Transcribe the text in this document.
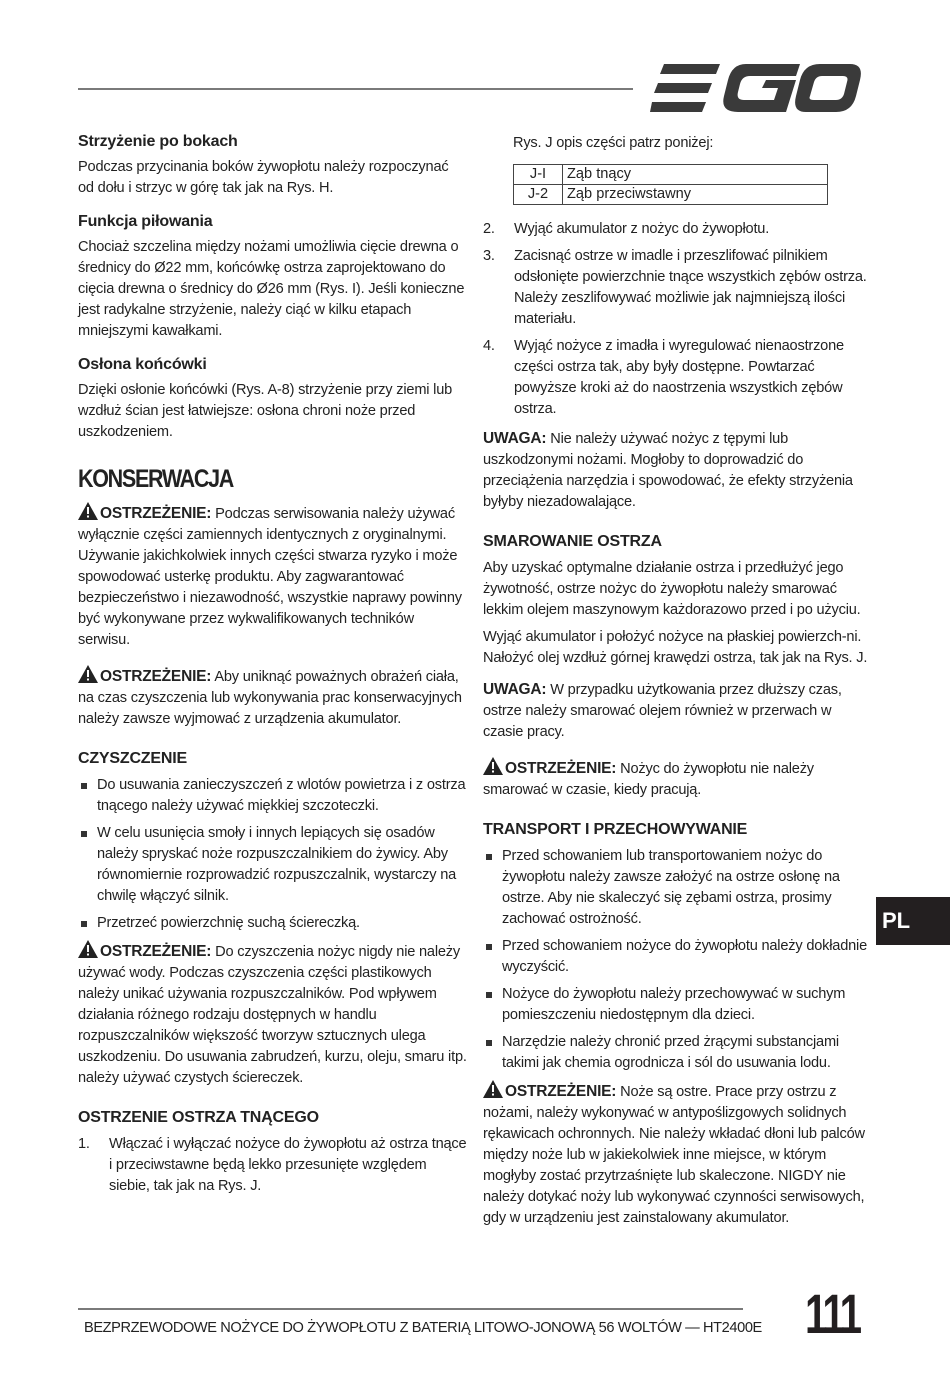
Strzyżenie po bokach

Podczas przycinania boków żywopłotu należy rozpoczynać od dołu i strzyc w górę tak jak na Rys. H.

Funkcja piłowania

Chociaż szczelina między nożami umożliwia cięcie drewna o średnicy do Ø22 mm, końcówkę ostrza zaprojektowano do cięcia drewna o średnicy do Ø26 mm (Rys. I). Jeśli konieczne jest radykalne strzyżenie, należy ciąć w kilku etapach mniejszymi kawałkami.

Osłona końcówki

Dzięki osłonie końcówki (Rys. A-8) strzyżenie przy ziemi lub wzdłuż ścian jest łatwiejsze: osłona chroni noże przed uszkodzeniem.

KONSERWACJA

OSTRZEŻENIE: Podczas serwisowania należy używać wyłącznie części zamiennych identycznych z oryginalnymi. Używanie jakichkolwiek innych części stwarza ryzyko i może spowodować usterkę produktu. Aby zagwarantować bezpieczeństwo i niezawodność, wszystkie naprawy powinny być wykonywane przez wykwalifikowanych techników serwisu.

OSTRZEŻENIE: Aby uniknąć poważnych obrażeń ciała, na czas czyszczenia lub wykonywania prac konserwacyjnych należy zawsze wyjmować z urządzenia akumulator.

CZYSZCZENIE
Do usuwania zanieczyszczeń z wlotów powietrza i z ostrza tnącego należy używać miękkiej szczoteczki.
W celu usunięcia smoły i innych lepiących się osadów należy spryskać noże rozpuszczalnikiem do żywicy. Aby równomiernie rozprowadzić rozpuszczalnik, wystarczy na chwilę włączyć silnik.
Przetrzeć powierzchnię suchą ściereczką.

OSTRZEŻENIE: Do czyszczenia nożyc nigdy nie należy używać wody. Podczas czyszczenia części plastikowych należy unikać używania rozpuszczalników. Pod wpływem działania różnego rodzaju dostępnych w handlu rozpuszczalników większość tworzyw sztucznych ulega uszkodzeniu. Do usuwania zabrudzeń, kurzu, oleju, smaru itp. należy używać czystych ściereczek.

OSTRZENIE OSTRZA TNĄCEGO
1. Włączać i wyłączać nożyce do żywopłotu aż ostrza tnące i przeciwstawne będą lekko przesunięte względem siebie, tak jak na Rys. J.

Rys. J opis części patrz poniżej:

J-I	Ząb tnący
J-2	Ząb przeciwstawny
2. Wyjąć akumulator z nożyc do żywopłotu.
3. Zacisnąć ostrze w imadle i przeszlifować pilnikiem odsłonięte powierzchnie tnące wszystkich zębów ostrza. Należy zeszlifowywać możliwie jak najmniejszą ilości materiału.
4. Wyjąć nożyce z imadła i wyregulować nienaostrzone części ostrza tak, aby były dostępne. Powtarzać powyższe kroki aż do naostrzenia wszystkich zębów ostrza.

UWAGA: Nie należy używać nożyc z tępymi lub uszkodzonymi nożami. Mogłoby to doprowadzić do przeciążenia narzędzia i spowodować, że efekty strzyżenia byłyby niezadowalające.

SMAROWANIE OSTRZA

Aby uzyskać optymalne działanie ostrza i przedłużyć jego żywotność, ostrze nożyc do żywopłotu należy smarować lekkim olejem maszynowym każdorazowo przed i po użyciu.

Wyjąć akumulator i położyć nożyce na płaskiej powierzch-ni. Nałożyć olej wzdłuż górnej krawędzi ostrza, tak jak na Rys. J.

UWAGA: W przypadku użytkowania przez dłuższy czas, ostrze należy smarować olejem również w przerwach w czasie pracy.

OSTRZEŻENIE: Nożyc do żywopłotu nie należy smarować w czasie, kiedy pracują.

TRANSPORT I PRZECHOWYWANIE
Przed schowaniem lub transportowaniem nożyc do żywopłotu należy zawsze założyć na ostrze osłonę na ostrze. Aby nie skaleczyć się zębami ostrza, prosimy zachować ostrożność.
Przed schowaniem nożyce do żywopłotu należy dokładnie wyczyścić.
Nożyce do żywopłotu należy przechowywać w suchym pomieszczeniu niedostępnym dla dzieci.
Narzędzie należy chronić przed żrącymi substancjami takimi jak chemia ogrodnicza i sól do usuwania lodu.

OSTRZEŻENIE: Noże są ostre. Prace przy ostrzu z nożami, należy wykonywać w antypoślizgowych solidnych rękawicach ochronnych. Nie należy wkładać dłoni lub palców między noże lub w jakiekolwiek inne miejsce, w którym mogłyby zostać przytrzaśnięte lub skaleczone. NIGDY nie należy dotykać noży lub wykonywać czynności serwisowych, gdy w urządzeniu jest zainstalowany akumulator.

PL
BEZPRZEWODOWE NOŻYCE DO ŻYWOPŁOTU Z BATERIĄ LITOWO-JONOWĄ 56 WOLTÓW — HT2400E 111
